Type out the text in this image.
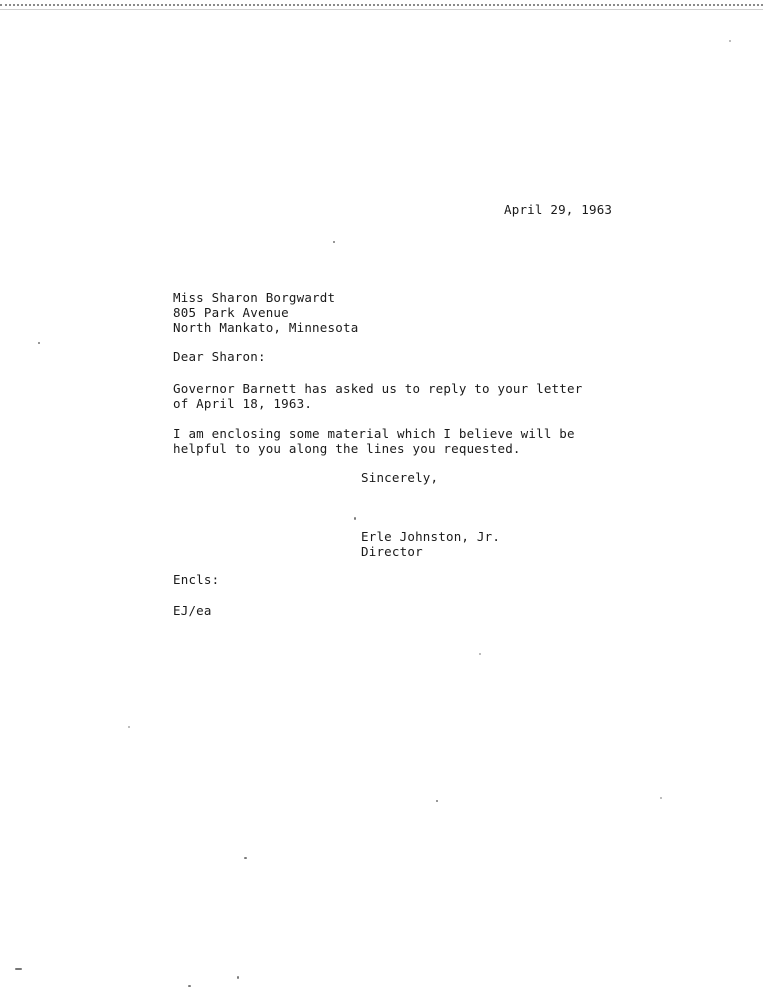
April 29, 1963
Miss Sharon Borgwardt
805 Park Avenue
North Mankato, Minnesota
Dear Sharon:
Governor Barnett has asked us to reply to your letter
of April 18, 1963.
I am enclosing some material which I believe will be
helpful to you along the lines you requested.
Sincerely,
Erle Johnston, Jr.
Director
Encls:
EJ/ea
